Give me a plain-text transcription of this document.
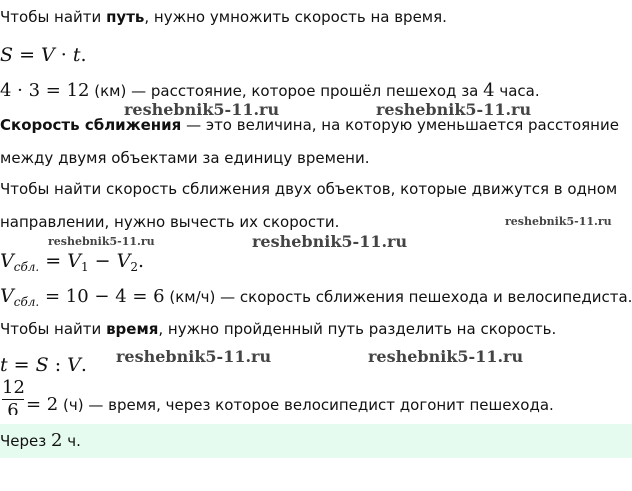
Чтобы найти путь, нужно умножить скорость на время.
S = V · t.
4 · 3 = 12 (км) — расстояние, которое прошёл пешеход за 4 часа.
reshebnik5-11.ru	reshebnik5-11.ru
Скорость сближения — это величина, на которую уменьшается расстояние
между двумя объектами за единицу времени.
Чтобы найти скорость сближения двух объектов, которые движутся в одном
направлении, нужно вычесть их скорости.	reshebnik5-11.ru
reshebnik5-11.ru	reshebnik5-11.ru
$V_{сбл.} = V_1 - V_2$.
$V_{сбл.} = 10 - 4 = 6$ (км/ч) — скорость сближения пешехода и велосипедиста.
Чтобы найти время, нужно пройденный путь разделить на скорость.
t = S : V. reshebnik5-11.ru	reshebnik5-11.ru
12
6 = 2 (ч) — время, через которое велосипедист догонит пешехода.
Через 2 ч.
